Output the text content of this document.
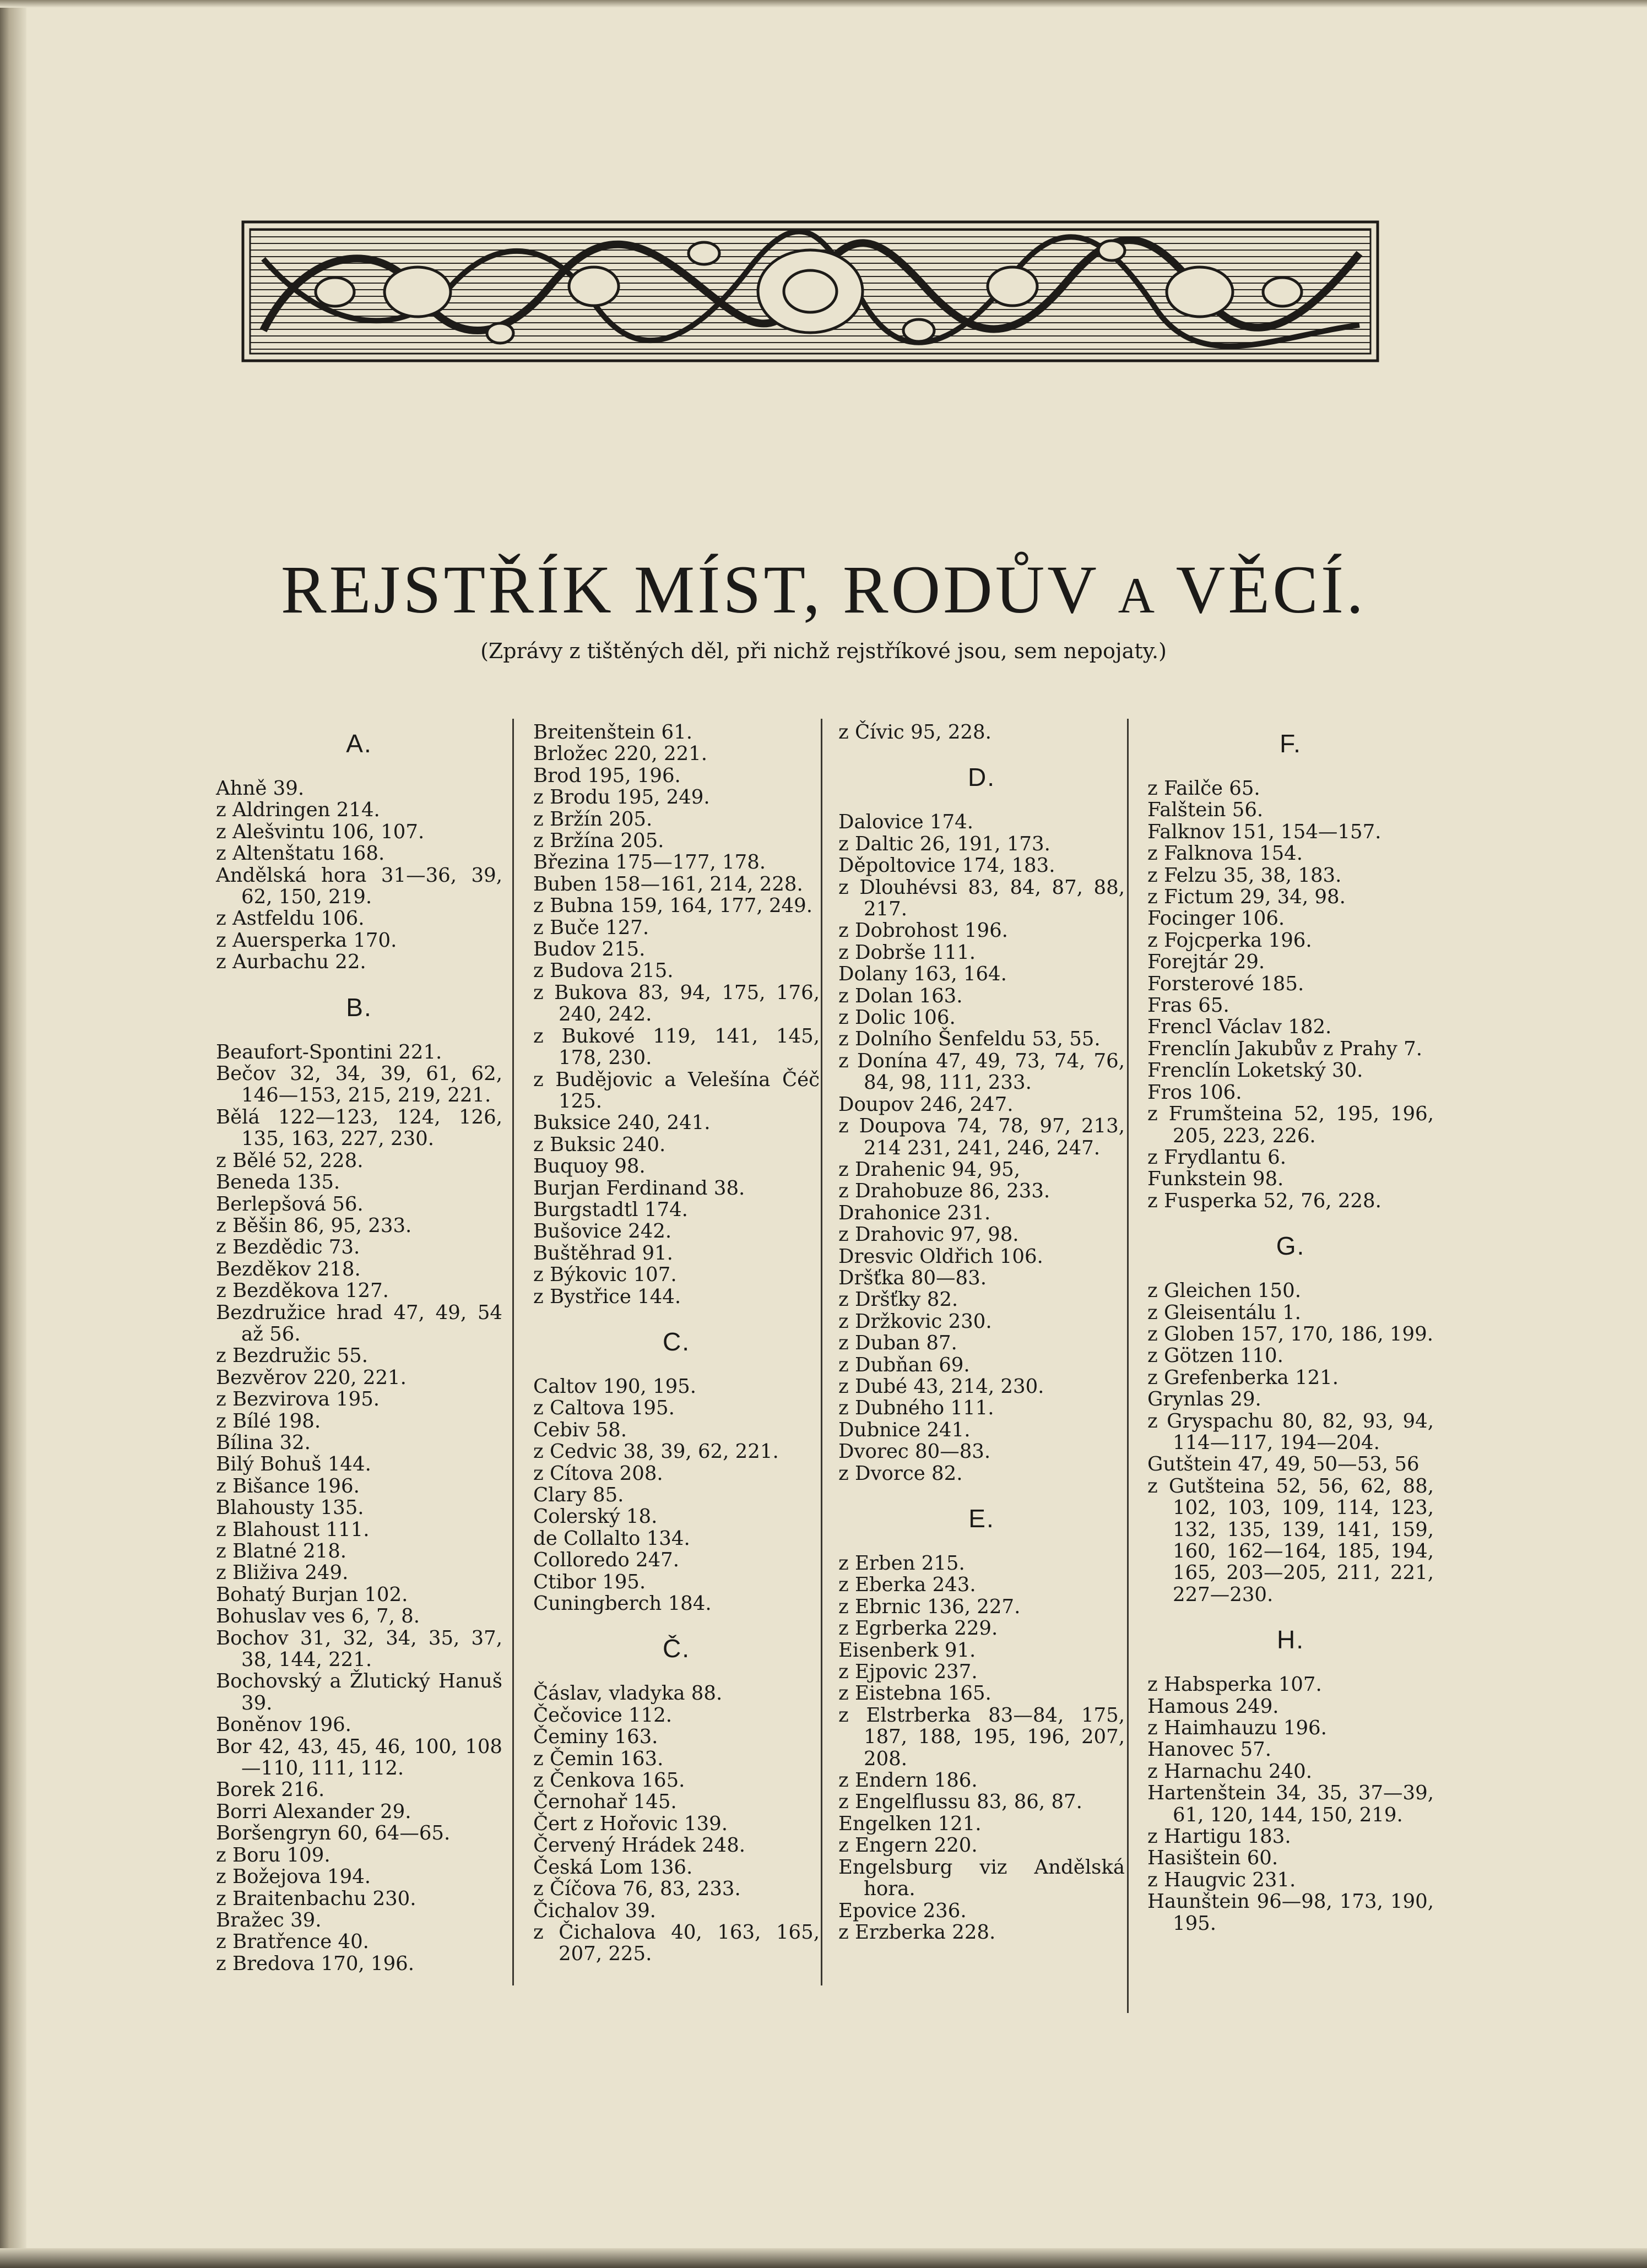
REJSTŘÍK MÍST, RODŮV A VĚCÍ.
(Zprávy z tištěných děl, při nichž rejstříkové jsou, sem nepojaty.)
A.

Ahně 39.

z Aldringen 214.

z Alešvintu 106, 107.

z Altenštatu 168.

Andělská hora 31—36, 39, 62, 150, 219.

z Astfeldu 106.

z Auersperka 170.

z Aurbachu 22.

B.

Beaufort-Spontini 221.

Bečov 32, 34, 39, 61, 62, 146—153, 215, 219, 221.

Bělá 122—123, 124, 126, 135, 163, 227, 230.

z Bělé 52, 228.

Beneda 135.

Berlepšová 56.

z Běšin 86, 95, 233.

z Bezdědic 73.

Bezděkov 218.

z Bezděkova 127.

Bezdružice hrad 47, 49, 54 až 56.

z Bezdružic 55.

Bezvěrov 220, 221.

z Bezvirova 195.

z Bílé 198.

Bílina 32.

Bilý Bohuš 144.

z Bišance 196.

Blahousty 135.

z Blahoust 111.

z Blatné 218.

z Bliživa 249.

Bohatý Burjan 102.

Bohuslav ves 6, 7, 8.

Bochov 31, 32, 34, 35, 37, 38, 144, 221.

Bochovský a Žlutický Hanuš 39.

Boněnov 196.

Bor 42, 43, 45, 46, 100, 108—110, 111, 112.

Borek 216.

Borri Alexander 29.

Boršengryn 60, 64—65.

z Boru 109.

z Božejova 194.

z Braitenbachu 230.

Bražec 39.

z Bratřence 40.

z Bredova 170, 196.

Breitenštein 61.

Brložec 220, 221.

Brod 195, 196.

z Brodu 195, 249.

z Bržín 205.

z Bržína 205.

Březina 175—177, 178.

Buben 158—161, 214, 228.

z Bubna 159, 164, 177, 249.

z Buče 127.

Budov 215.

z Budova 215.

z Bukova 83, 94, 175, 176, 240, 242.

z Bukové 119, 141, 145, 178, 230.

z Budějovic a Velešína Čéč 125.

Buksice 240, 241.

z Buksic 240.

Buquoy 98.

Burjan Ferdinand 38.

Burgstadtl 174.

Bušovice 242.

Buštěhrad 91.

z Býkovic 107.

z Bystřice 144.

C.

Caltov 190, 195.

z Caltova 195.

Cebiv 58.

z Cedvic 38, 39, 62, 221.

z Cítova 208.

Clary 85.

Colerský 18.

de Collalto 134.

Colloredo 247.

Ctibor 195.

Cuningberch 184.

Č.

Čáslav, vladyka 88.

Čečovice 112.

Čeminy 163.

z Čemin 163.

z Čenkova 165.

Černohař 145.

Čert z Hořovic 139.

Červený Hrádek 248.

Česká Lom 136.

z Číčova 76, 83, 233.

Čichalov 39.

z Čichalova 40, 163, 165, 207, 225.

z Čívic 95, 228.

D.

Dalovice 174.

z Daltic 26, 191, 173.

Děpoltovice 174, 183.

z Dlouhévsi 83, 84, 87, 88, 217.

z Dobrohost 196.

z Dobrše 111.

Dolany 163, 164.

z Dolan 163.

z Dolic 106.

z Dolního Šenfeldu 53, 55.

z Donína 47, 49, 73, 74, 76, 84, 98, 111, 233.

Doupov 246, 247.

z Doupova 74, 78, 97, 213, 214 231, 241, 246, 247.

z Drahenic 94, 95,

z Drahobuze 86, 233.

Drahonice 231.

z Drahovic 97, 98.

Dresvic Oldřich 106.

Dršťka 80—83.

z Dršťky 82.

z Držkovic 230.

z Duban 87.

z Dubňan 69.

z Dubé 43, 214, 230.

z Dubného 111.

Dubnice 241.

Dvorec 80—83.

z Dvorce 82.

E.

z Erben 215.

z Eberka 243.

z Ebrnic 136, 227.

z Egrberka 229.

Eisenberk 91.

z Ejpovic 237.

z Eistebna 165.

z Elstrberka 83—84, 175, 187, 188, 195, 196, 207, 208.

z Endern 186.

z Engelflussu 83, 86, 87.

Engelken 121.

z Engern 220.

Engelsburg viz Andělská hora.

Epovice 236.

z Erzberka 228.

F.

z Failče 65.

Falštein 56.

Falknov 151, 154—157.

z Falknova 154.

z Felzu 35, 38, 183.

z Fictum 29, 34, 98.

Focinger 106.

z Fojcperka 196.

Forejtár 29.

Forsterové 185.

Fras 65.

Frencl Václav 182.

Frenclín Jakubův z Prahy 7.

Frenclín Loketský 30.

Fros 106.

z Frumšteina 52, 195, 196, 205, 223, 226.

z Frydlantu 6.

Funkstein 98.

z Fusperka 52, 76, 228.

G.

z Gleichen 150.

z Gleisentálu 1.

z Globen 157, 170, 186, 199.

z Götzen 110.

z Grefenberka 121.

Grynlas 29.

z Gryspachu 80, 82, 93, 94, 114—117, 194—204.

Gutštein 47, 49, 50—53, 56

z Gutšteina 52, 56, 62, 88, 102, 103, 109, 114, 123, 132, 135, 139, 141, 159, 160, 162—164, 185, 194, 165, 203—205, 211, 221, 227—230.

H.

z Habsperka 107.

Hamous 249.

z Haimhauzu 196.

Hanovec 57.

z Harnachu 240.

Hartenštein 34, 35, 37—39, 61, 120, 144, 150, 219.

z Hartigu 183.

Hasištein 60.

z Haugvic 231.

Haunštein 96—98, 173, 190, 195.
